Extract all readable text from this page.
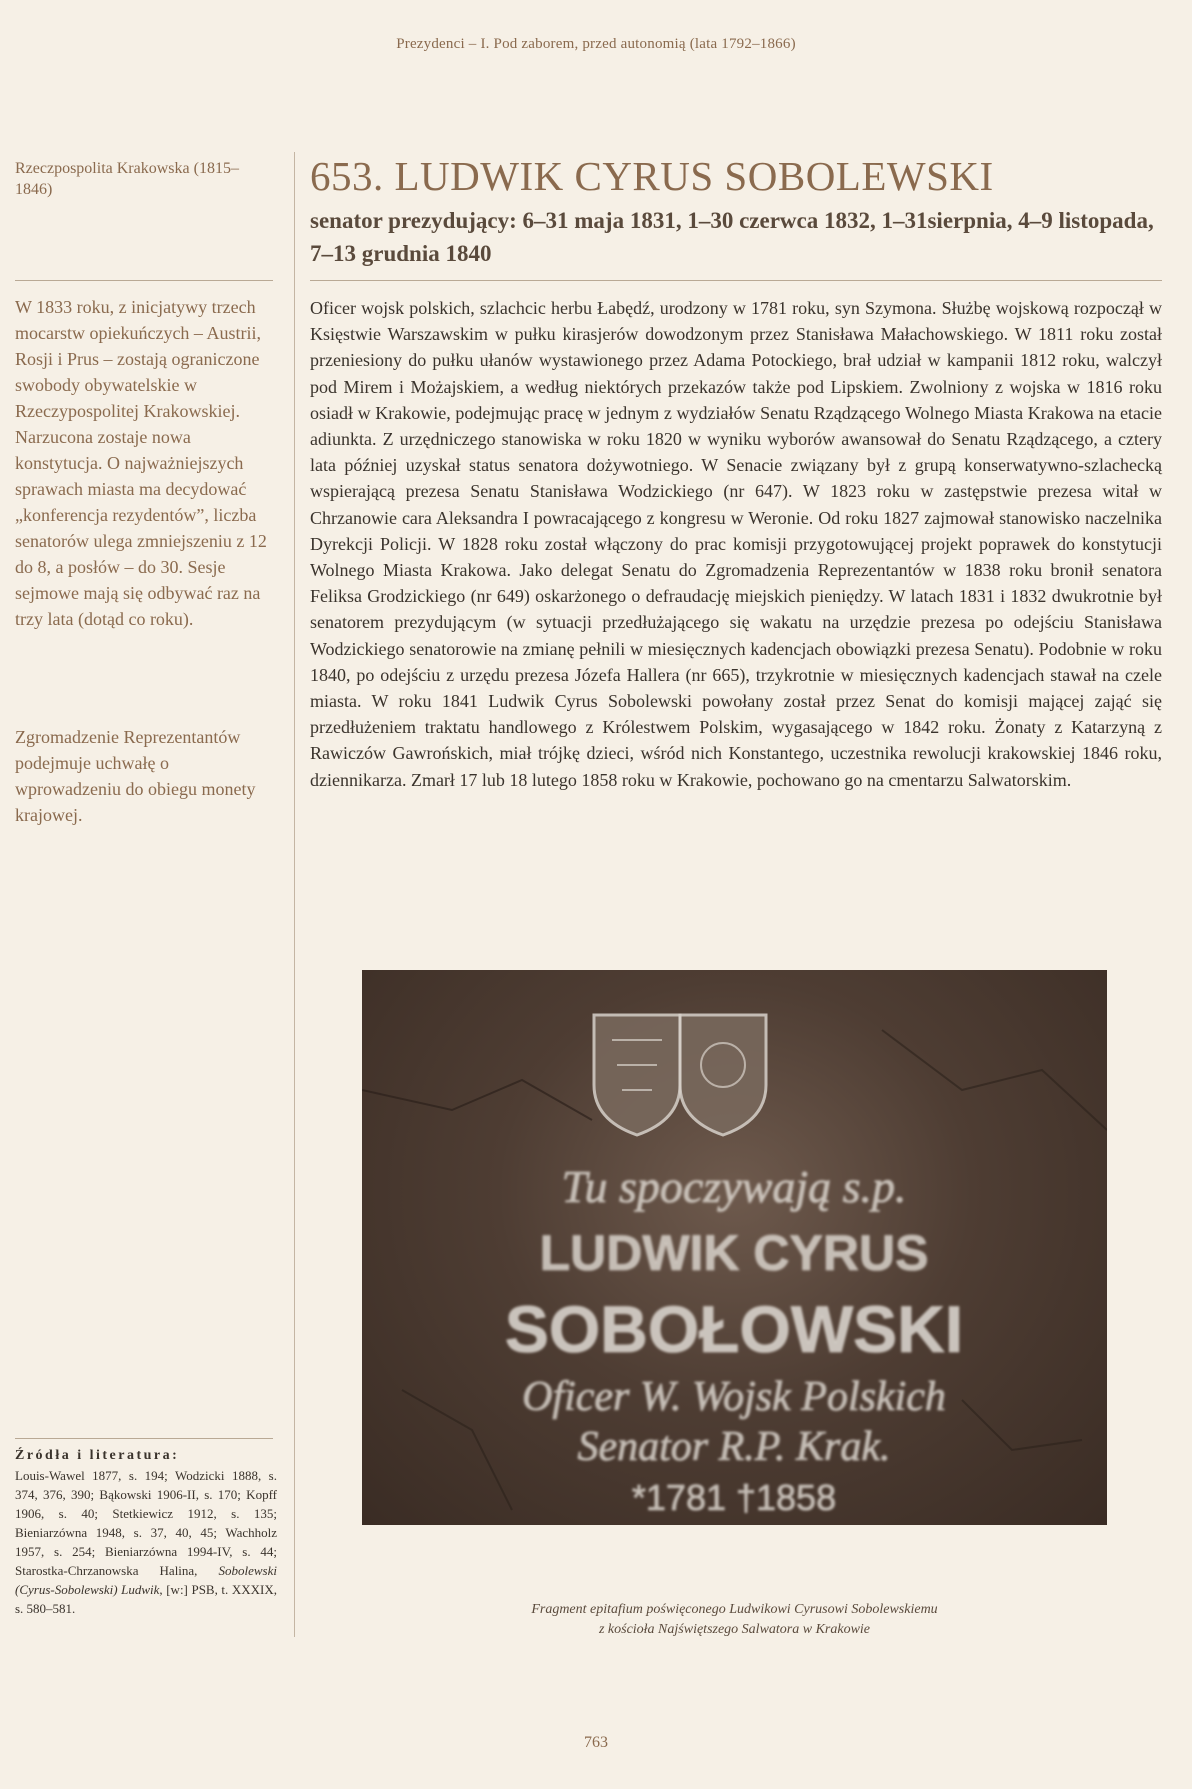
Prezydenci – I. Pod zaborem, przed autonomią (lata 1792–1866)

Rzeczpospolita Krakowska (1815–1846)

W 1833 roku, z inicjatywy trzech mocarstw opiekuńczych – Austrii, Rosji i Prus – zostają ograniczone swobody obywatelskie w Rzeczypospolitej Krakowskiej. Narzucona zostaje nowa konstytucja. O najważniejszych sprawach miasta ma decydować „konferencja rezydentów”, liczba senatorów ulega zmniejszeniu z 12 do 8, a posłów – do 30. Sesje sejmowe mają się odbywać raz na trzy lata (dotąd co roku).

Zgromadzenie Reprezentantów podejmuje uchwałę o wprowadzeniu do obiegu monety krajowej.

Źródła i literatura:

Louis-Wawel 1877, s. 194; Wodzicki 1888, s. 374, 376, 390; Bąkowski 1906-II, s. 170; Kopff 1906, s. 40; Stetkiewicz 1912, s. 135; Bieniarzówna 1948, s. 37, 40, 45; Wachholz 1957, s. 254; Bieniarzówna 1994-IV, s. 44; Starostka-Chrzanowska Halina, Sobolewski (Cyrus-Sobolewski) Ludwik, [w:] PSB, t. XXXIX, s. 580–581.

653. LUDWIK CYRUS SOBOLEWSKI
senator prezydujący: 6–31 maja 1831, 1–30 czerwca 1832, 1–31sierpnia, 4–9 listopada, 7–13 grudnia 1840

Oficer wojsk polskich, szlachcic herbu Łabędź, urodzony w 1781 roku, syn Szymona. Służbę wojskową rozpoczął w Księstwie Warszawskim w pułku kirasjerów dowodzonym przez Stanisława Małachowskiego. W 1811 roku został przeniesiony do pułku ułanów wystawionego przez Adama Potockiego, brał udział w kampanii 1812 roku, walczył pod Mirem i Możajskiem, a według niektórych przekazów także pod Lipskiem. Zwolniony z wojska w 1816 roku osiadł w Krakowie, podejmując pracę w jednym z wydziałów Senatu Rządzącego Wolnego Miasta Krakowa na etacie adiunkta. Z urzędniczego stanowiska w roku 1820 w wyniku wyborów awansował do Senatu Rządzącego, a cztery lata później uzyskał status senatora dożywotniego. W Senacie związany był z grupą konserwatywno-szlachecką wspierającą prezesa Senatu Stanisława Wodzickiego (nr 647). W 1823 roku w zastępstwie prezesa witał w Chrzanowie cara Aleksandra I powracającego z kongresu w Weronie. Od roku 1827 zajmował stanowisko naczelnika Dyrekcji Policji. W 1828 roku został włączony do prac komisji przygotowującej projekt poprawek do konstytucji Wolnego Miasta Krakowa. Jako delegat Senatu do Zgromadzenia Reprezentantów w 1838 roku bronił senatora Feliksa Grodzickiego (nr 649) oskarżonego o defraudację miejskich pieniędzy. W latach 1831 i 1832 dwukrotnie był senatorem prezydującym (w sytuacji przedłużającego się wakatu na urzędzie prezesa po odejściu Stanisława Wodzickiego senatorowie na zmianę pełnili w miesięcznych kadencjach obowiązki prezesa Senatu). Podobnie w roku 1840, po odejściu z urzędu prezesa Józefa Hallera (nr 665), trzykrotnie w miesięcznych kadencjach stawał na czele miasta. W roku 1841 Ludwik Cyrus Sobolewski powołany został przez Senat do komisji mającej zająć się przedłużeniem traktatu handlowego z Królestwem Polskim, wygasającego w 1842 roku. Żonaty z Katarzyną z Rawiczów Gawrońskich, miał trójkę dzieci, wśród nich Konstantego, uczestnika rewolucji krakowskiej 1846 roku, dziennikarza. Zmarł 17 lub 18 lutego 1858 roku w Krakowie, pochowano go na cmentarzu Salwatorskim.

Tu spoczywają s.p.
LUDWIK CYRUS
SOBOŁOWSKI
Oficer W. Wojsk Polskich
Senator R.P. Krak.
*1781 †1858

Fragment epitafium poświęconego Ludwikowi Cyrusowi Sobolewskiemu
z kościoła Najświętszego Salwatora w Krakowie

763
